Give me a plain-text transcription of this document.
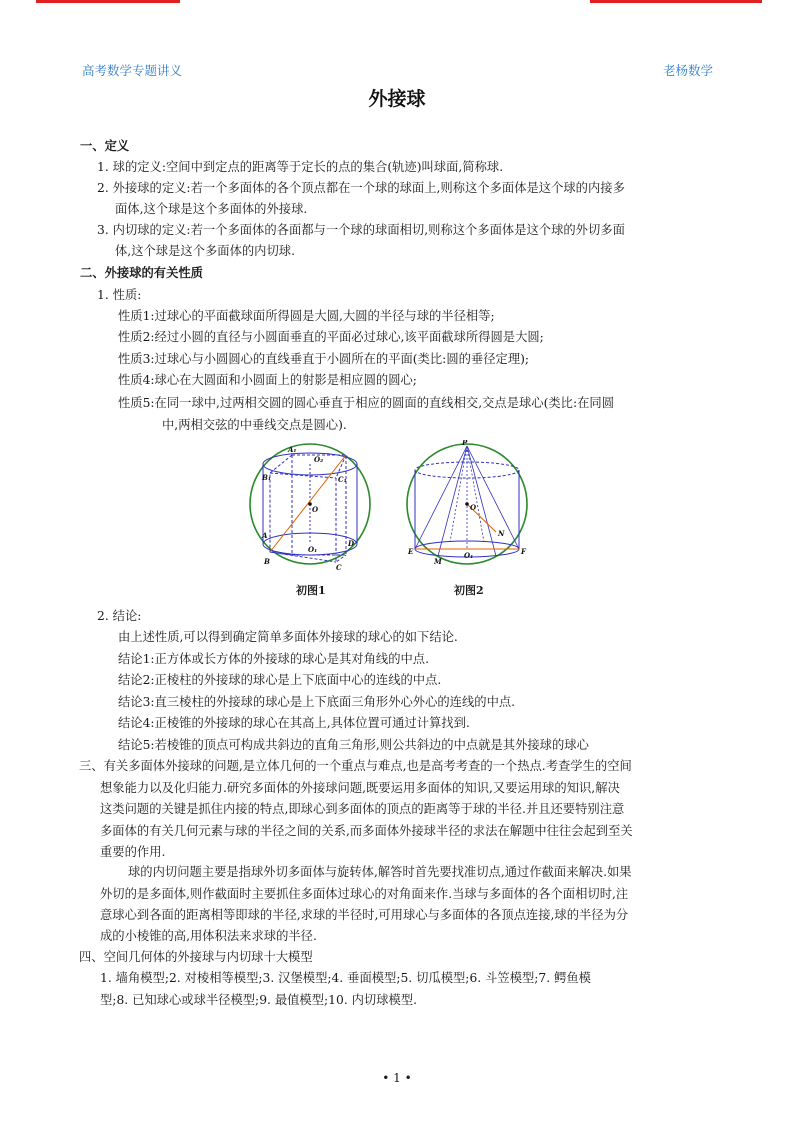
高考数学专题讲义	老杨数学
外接球
一、定义
1. 球的定义:空间中到定点的距离等于定长的点的集合(轨迹)叫球面,简称球.
2. 外接球的定义:若一个多面体的各个顶点都在一个球的球面上,则称这个多面体是这个球的内接多
面体,这个球是这个多面体的外接球.
3. 内切球的定义:若一个多面体的各面都与一个球的球面相切,则称这个多面体是这个球的外切多面
体,这个球是这个多面体的内切球.
二、外接球的有关性质
1. 性质:
性质1:过球心的平面截球面所得圆是大圆,大圆的半径与球的半径相等;
性质2:经过小圆的直径与小圆面垂直的平面必过球心,该平面截球所得圆是大圆;
性质3:过球心与小圆圆心的直线垂直于小圆所在的平面(类比:圆的垂径定理);
性质4:球心在大圆面和小圆面上的射影是相应圆的圆心;
性质5:在同一球中,过两相交圆的圆心垂直于相应的圆面的直线相交,交点是球心(类比:在同圆
中,两相交弦的中垂线交点是圆心).
A₁
O₂
B₁	C₁
O
A
D
B
O₁
C
P
O
N
E
M
O₁	F
初图1	初图2
2. 结论:
由上述性质,可以得到确定简单多面体外接球的球心的如下结论.
结论1:正方体或长方体的外接球的球心是其对角线的中点.
结论2:正棱柱的外接球的球心是上下底面中心的连线的中点.
结论3:直三棱柱的外接球的球心是上下底面三角形外心外心的连线的中点.
结论4:正棱锥的外接球的球心在其高上,具体位置可通过计算找到.
结论5:若棱锥的顶点可构成共斜边的直角三角形,则公共斜边的中点就是其外接球的球心
三、有关多面体外接球的问题,是立体几何的一个重点与难点,也是高考考查的一个热点.考查学生的空间
想象能力以及化归能力.研究多面体的外接球问题,既要运用多面体的知识,又要运用球的知识,解决
这类问题的关键是抓住内接的特点,即球心到多面体的顶点的距离等于球的半径.并且还要特别注意
多面体的有关几何元素与球的半径之间的关系,而多面体外接球半径的求法在解题中往往会起到至关
重要的作用.
球的内切问题主要是指球外切多面体与旋转体,解答时首先要找准切点,通过作截面来解决.如果
外切的是多面体,则作截面时主要抓住多面体过球心的对角面来作.当球与多面体的各个面相切时,注
意球心到各面的距离相等即球的半径,求球的半径时,可用球心与多面体的各顶点连接,球的半径为分
成的小棱锥的高,用体积法来求球的半径.
四、空间几何体的外接球与内切球十大模型
1. 墙角模型;2. 对棱相等模型;3. 汉堡模型;4. 垂面模型;5. 切瓜模型;6. 斗笠模型;7. 鳄鱼模
型;8. 已知球心或球半径模型;9. 最值模型;10. 内切球模型.
• 1 •
